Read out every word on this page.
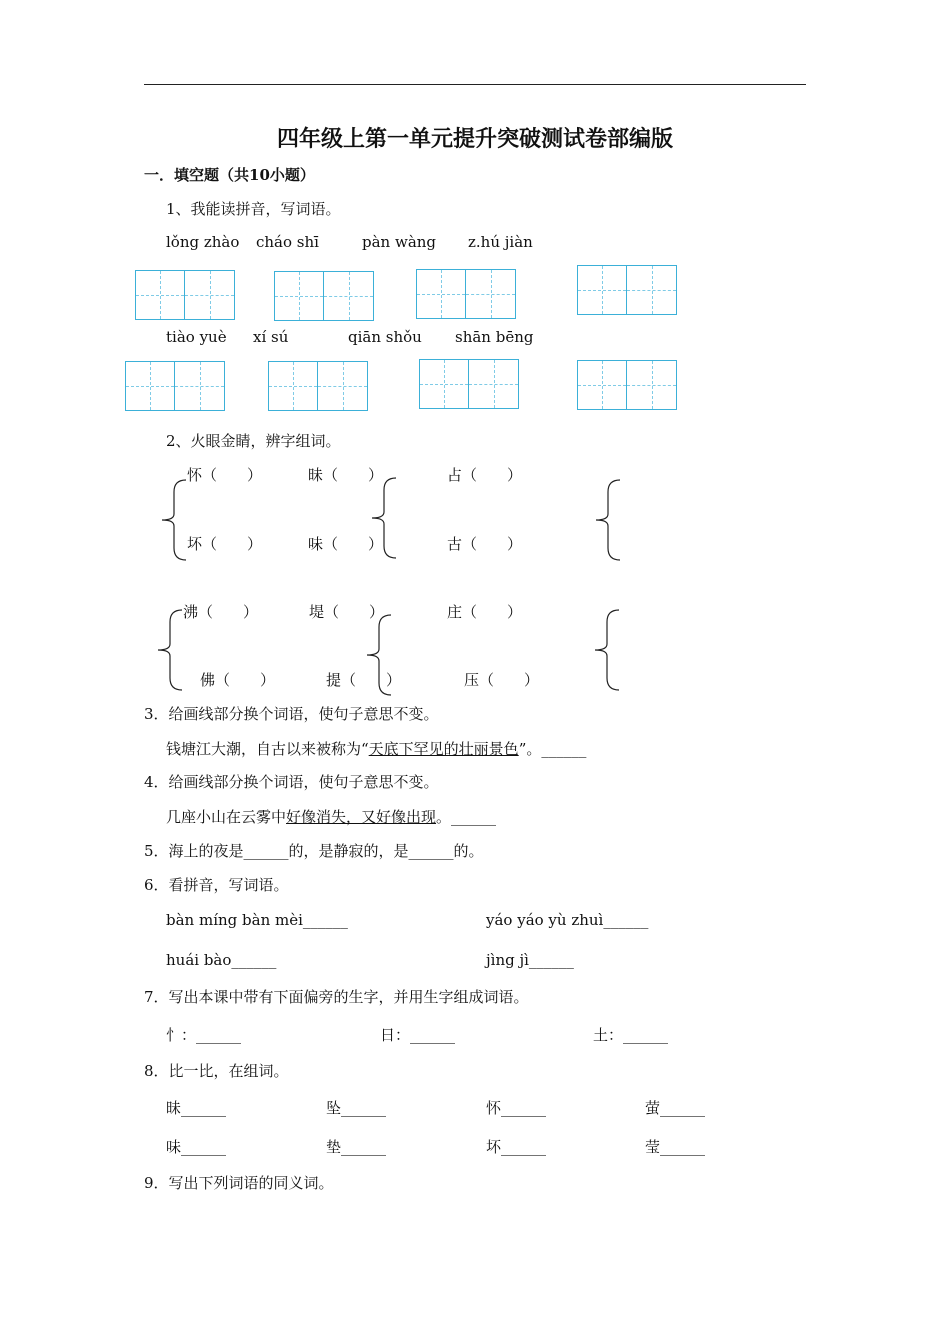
四年级上第一单元提升突破测试卷部编版
一．填空题（共10小题）
1、我能读拼音，写词语。
lǒng zhào cháo shī	pàn wàng z.hú jiàn
tiào yuè xí sú	qiān shǒu shān bēng
2、火眼金睛，辨字组词。
怀（　　）
坏（　　）
昧（　　）
味（　　）
占（　　）
古（　　）
沸（　　）
佛（　　）
堤（　　）
提（　　）
庄（　　）
压（　　）
3．给画线部分换个词语，使句子意思不变。
钱塘江大潮，自古以来被称为“天底下罕见的壮丽景色”。______
4．给画线部分换个词语，使句子意思不变。
几座小山在云雾中好像消失，又好像出现。______
5．海上的夜是______的，是静寂的，是______的。
6．看拼音，写词语。
bàn míng bàn mèi______	yáo yáo yù zhuì______
huái bào______	jìng jì______
7．写出本课中带有下面偏旁的生字，并用生字组成词语。
忄：______	日：______	土：______
8．比一比，在组词。
昧______	坠______	怀______	萤______
味______	垫______	坏______	莹______
9．写出下列词语的同义词。
